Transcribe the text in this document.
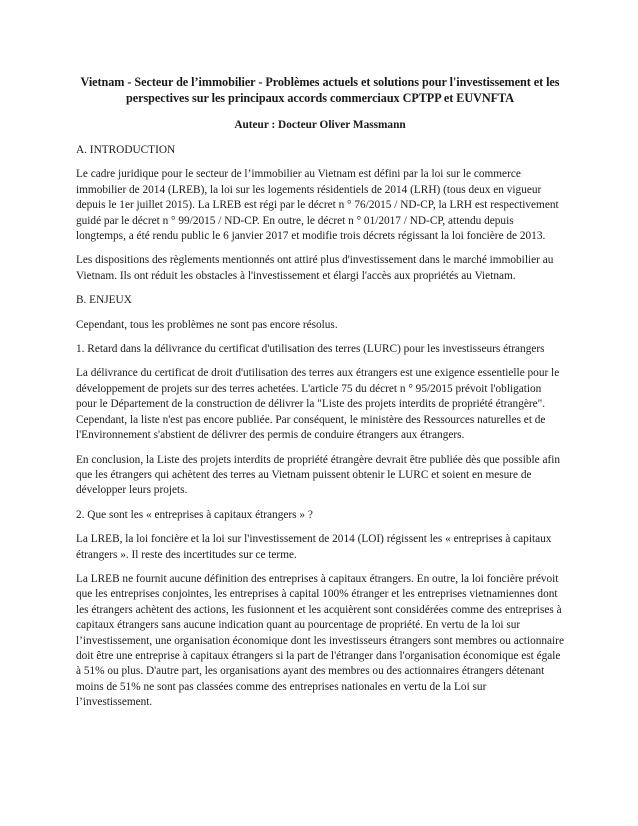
Vietnam - Secteur de l’immobilier - Problèmes actuels et solutions pour l'investissement et les perspectives sur les principaux accords commerciaux CPTPP et EUVNFTA
Auteur : Docteur Oliver Massmann
A. INTRODUCTION
Le cadre juridique pour le secteur de l’immobilier au Vietnam est défini par la loi sur le commerce immobilier de 2014 (LREB), la loi sur les logements résidentiels de 2014 (LRH) (tous deux en vigueur depuis le 1er juillet 2015). La LREB est régi par le décret n ° 76/2015 / ND-CP, la LRH est respectivement guidé par le décret n ° 99/2015 / ND-CP. En outre, le décret n ° 01/2017 / ND-CP, attendu depuis longtemps, a été rendu public le 6 janvier 2017 et modifie trois décrets régissant la loi foncière de 2013.
Les dispositions des règlements mentionnés ont attiré plus d'investissement dans le marché immobilier au Vietnam. Ils ont réduit les obstacles à l'investissement et élargi l'accès aux propriétés au Vietnam.
B. ENJEUX
Cependant, tous les problèmes ne sont pas encore résolus.
1. Retard dans la délivrance du certificat d'utilisation des terres (LURC) pour les investisseurs étrangers
La délivrance du certificat de droit d'utilisation des terres aux étrangers est une exigence essentielle pour le développement de projets sur des terres achetées. L'article 75 du décret n ° 95/2015 prévoit l'obligation pour le Département de la construction de délivrer la "Liste des projets interdits de propriété étrangère". Cependant, la liste n'est pas encore publiée. Par conséquent, le ministère des Ressources naturelles et de l'Environnement s'abstient de délivrer des permis de conduire étrangers aux étrangers.
En conclusion, la Liste des projets interdits de propriété étrangère devrait être publiée dès que possible afin que les étrangers qui achètent des terres au Vietnam puissent obtenir le LURC et soient en mesure de développer leurs projets.
2. Que sont les « entreprises à capitaux étrangers » ?
La LREB, la loi foncière et la loi sur l'investissement de 2014 (LOI) régissent les « entreprises à capitaux étrangers ». Il reste des incertitudes sur ce terme.
La LREB ne fournit aucune définition des entreprises à capitaux étrangers. En outre, la loi foncière prévoit que les entreprises conjointes, les entreprises à capital 100% étranger et les entreprises vietnamiennes dont les étrangers achètent des actions, les fusionnent et les acquièrent sont considérées comme des entreprises à capitaux étrangers sans aucune indication quant au pourcentage de propriété. En vertu de la loi sur l’investissement, une organisation économique dont les investisseurs étrangers sont membres ou actionnaire doit être une entreprise à capitaux étrangers si la part de l'étranger dans l'organisation économique est égale à 51% ou plus. D'autre part, les organisations ayant des membres ou des actionnaires étrangers détenant moins de 51% ne sont pas classées comme des entreprises nationales en vertu de la Loi sur l’investissement.
